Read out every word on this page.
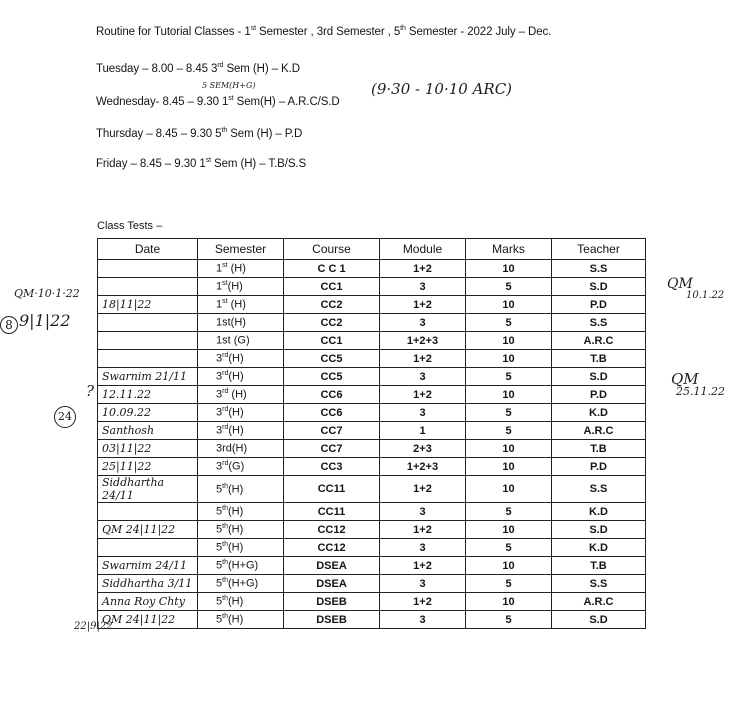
Routine for Tutorial Classes - 1st Semester , 3rd Semester , 5th Semester - 2022 July – Dec.
Tuesday – 8.00 – 8.45 3rd Sem (H) – K.D
Wednesday- 8.45 – 9.30 1st Sem(H) – A.R.C/S.D
Thursday – 8.45 – 9.30 5th Sem (H) – P.D
Friday – 8.45 – 9.30 1st Sem (H) – T.B/S.S
(9·30 - 10·10 ARC)
5 SEM(H+G)
Class Tests –
Date	Semester	Course	Module	Marks	Teacher
	1st (H)	C C 1	1+2	10	S.S
	1st(H)	CC1	3	5	S.D
18|11|22	1st (H)	CC2	1+2	10	P.D
	1st(H)	CC2	3	5	S.S
	1st (G)	CC1	1+2+3	10	A.R.C
	3rd(H)	CC5	1+2	10	T.B
Swarnim 21/11	3rd(H)	CC5	3	5	S.D
12.11.22	3rd (H)	CC6	1+2	10	P.D
10.09.22	3rd(H)	CC6	3	5	K.D
Santhosh	3rd(H)	CC7	1	5	A.R.C
03|11|22	3rd(H)	CC7	2+3	10	T.B
25|11|22	3rd(G)	CC3	1+2+3	10	P.D
Siddhartha 24/11	5th(H)	CC11	1+2	10	S.S
	5th(H)	CC11	3	5	K.D
QM 24|11|22	5th(H)	CC12	1+2	10	S.D
	5th(H)	CC12	3	5	K.D
Swarnim 24/11	5th(H+G)	DSEA	1+2	10	T.B
Siddhartha 3/11	5th(H+G)	DSEA	3	5	S.S
Anna Roy Chty	5th(H)	DSEB	1+2	10	A.R.C
QM 24|11|22	5th(H)	DSEB	3	5	S.D
QM·10·1·22
8 9|1|22
?
24
22|9|22
QM
10.1.22
QM
25.11.22
